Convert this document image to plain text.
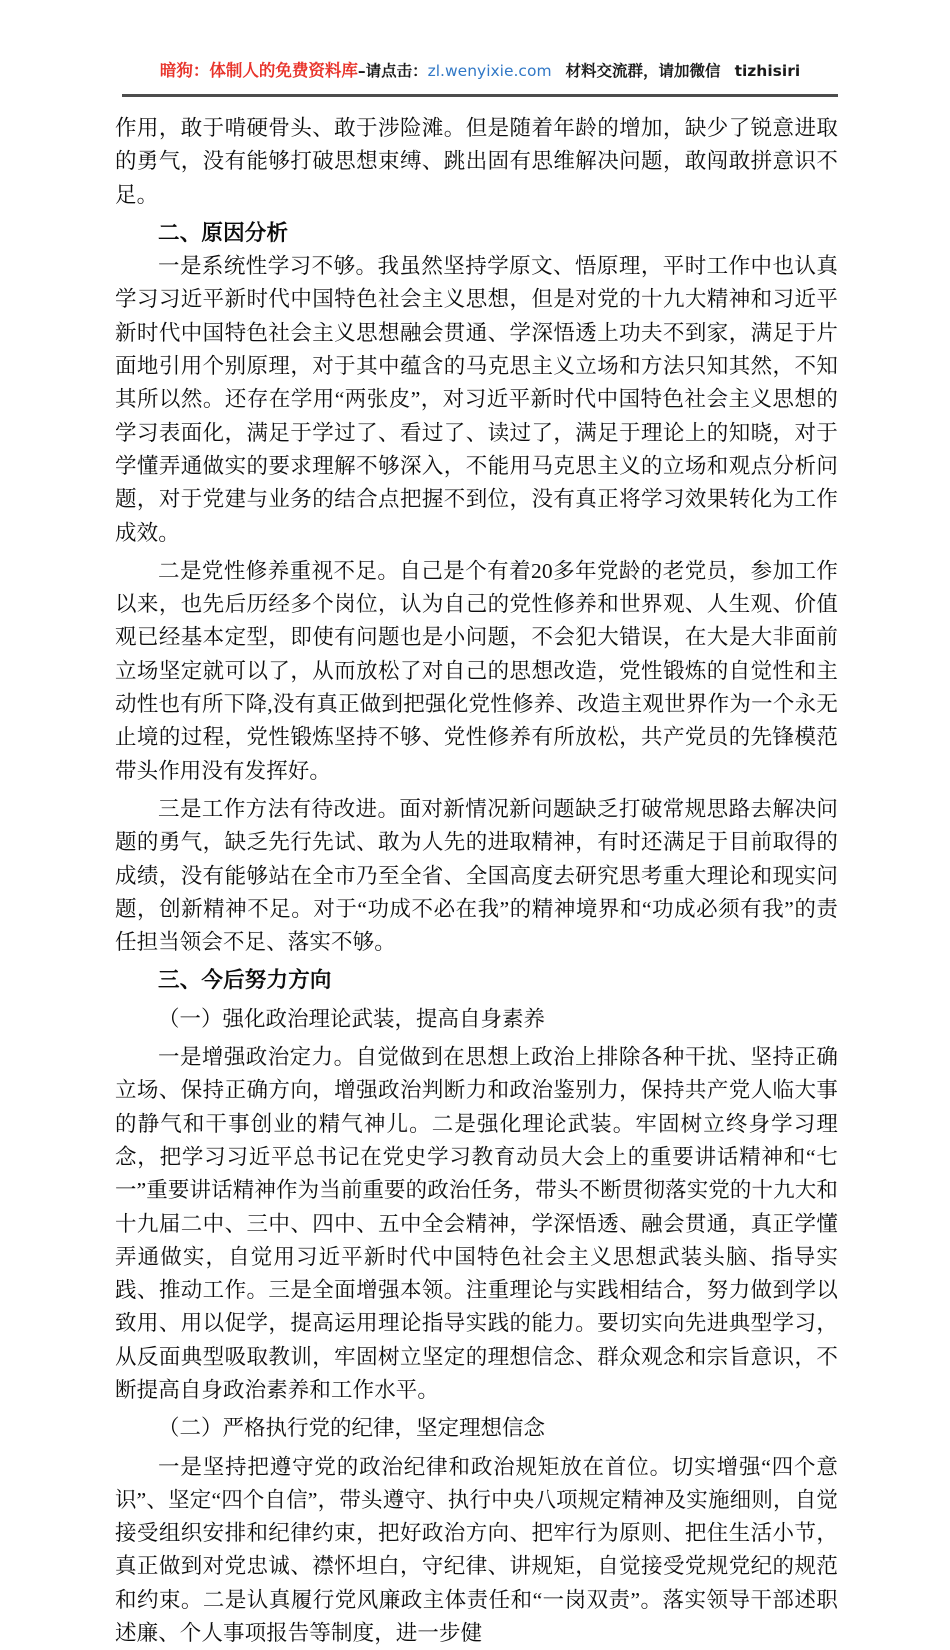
暗狗：体制人的免费资料库–请点击：zl.wenyixie.com 材料交流群，请加微信 tizhisiri

作用，敢于啃硬骨头、敢于涉险滩。但是随着年龄的增加，缺少了锐意进取的勇气，没有能够打破思想束缚、跳出固有思维解决问题，敢闯敢拼意识不足。

二、原因分析

一是系统性学习不够。我虽然坚持学原文、悟原理，平时工作中也认真学习习近平新时代中国特色社会主义思想，但是对党的十九大精神和习近平新时代中国特色社会主义思想融会贯通、学深悟透上功夫不到家，满足于片面地引用个别原理，对于其中蕴含的马克思主义立场和方法只知其然，不知其所以然。还存在学用“两张皮”，对习近平新时代中国特色社会主义思想的学习表面化，满足于学过了、看过了、读过了，满足于理论上的知晓，对于学懂弄通做实的要求理解不够深入，不能用马克思主义的立场和观点分析问题，对于党建与业务的结合点把握不到位，没有真正将学习效果转化为工作成效。

二是党性修养重视不足。自己是个有着20多年党龄的老党员，参加工作以来，也先后历经多个岗位，认为自己的党性修养和世界观、人生观、价值观已经基本定型，即使有问题也是小问题，不会犯大错误，在大是大非面前立场坚定就可以了，从而放松了对自己的思想改造，党性锻炼的自觉性和主动性也有所下降,没有真正做到把强化党性修养、改造主观世界作为一个永无止境的过程，党性锻炼坚持不够、党性修养有所放松，共产党员的先锋模范带头作用没有发挥好。

三是工作方法有待改进。面对新情况新问题缺乏打破常规思路去解决问题的勇气，缺乏先行先试、敢为人先的进取精神，有时还满足于目前取得的成绩，没有能够站在全市乃至全省、全国高度去研究思考重大理论和现实问题，创新精神不足。对于“功成不必在我”的精神境界和“功成必须有我”的责任担当领会不足、落实不够。

三、今后努力方向
（一）强化政治理论武装，提高自身素养

一是增强政治定力。自觉做到在思想上政治上排除各种干扰、坚持正确立场、保持正确方向，增强政治判断力和政治鉴别力，保持共产党人临大事的静气和干事创业的精气神儿。二是强化理论武装。牢固树立终身学习理念，把学习习近平总书记在党史学习教育动员大会上的重要讲话精神和“七一”重要讲话精神作为当前重要的政治任务，带头不断贯彻落实党的十九大和十九届二中、三中、四中、五中全会精神，学深悟透、融会贯通，真正学懂弄通做实，自觉用习近平新时代中国特色社会主义思想武装头脑、指导实践、推动工作。三是全面增强本领。注重理论与实践相结合，努力做到学以致用、用以促学，提高运用理论指导实践的能力。要切实向先进典型学习，从反面典型吸取教训，牢固树立坚定的理想信念、群众观念和宗旨意识，不断提高自身政治素养和工作水平。

（二）严格执行党的纪律，坚定理想信念

一是坚持把遵守党的政治纪律和政治规矩放在首位。切实增强“四个意识”、坚定“四个自信”，带头遵守、执行中央八项规定精神及实施细则，自觉接受组织安排和纪律约束，把好政治方向、把牢行为原则、把住生活小节，真正做到对党忠诚、襟怀坦白，守纪律、讲规矩，自觉接受党规党纪的规范和约束。二是认真履行党风廉政主体责任和“一岗双责”。落实领导干部述职述廉、个人事项报告等制度，进一步健
